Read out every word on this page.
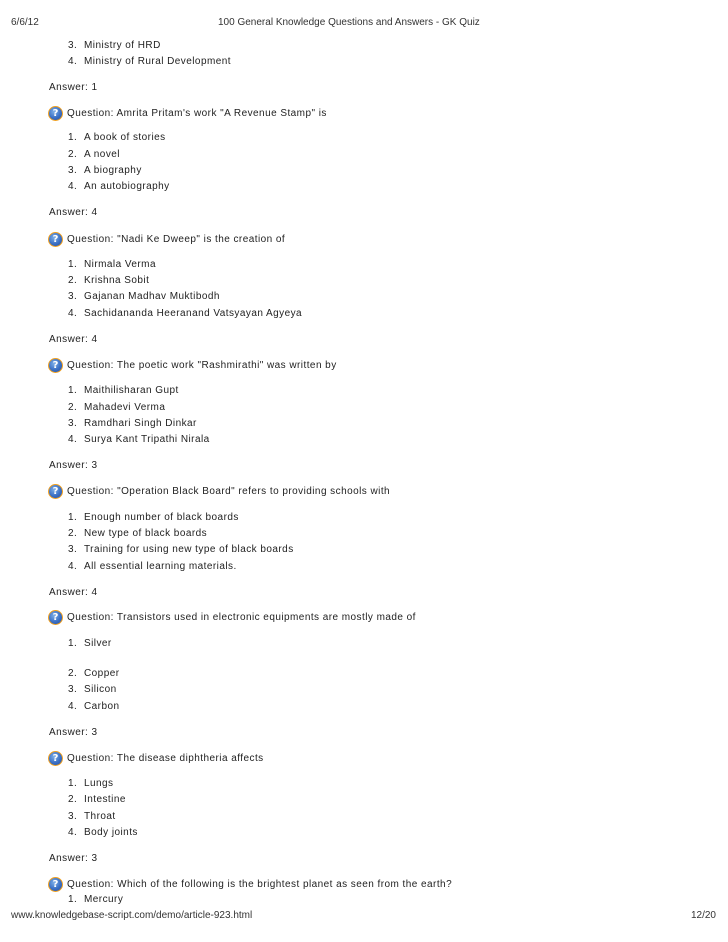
6/6/12	100 General Knowledge Questions and Answers - GK Quiz
3. Ministry of HRD
4. Ministry of Rural Development
Answer: 1
? Question: Amrita Pritam's work "A Revenue Stamp" is
1. A book of stories
2. A novel
3. A biography
4. An autobiography
Answer: 4
? Question: "Nadi Ke Dweep" is the creation of
1. Nirmala Verma
2. Krishna Sobit
3. Gajanan Madhav Muktibodh
4. Sachidananda Heeranand Vatsyayan Agyeya
Answer: 4
? Question: The poetic work "Rashmirathi" was written by
1. Maithilisharan Gupt
2. Mahadevi Verma
3. Ramdhari Singh Dinkar
4. Surya Kant Tripathi Nirala
Answer: 3
? Question: "Operation Black Board" refers to providing schools with
1. Enough number of black boards
2. New type of black boards
3. Training for using new type of black boards
4. All essential learning materials.
Answer: 4
? Question: Transistors used in electronic equipments are mostly made of
1. Silver
2. Copper
3. Silicon
4. Carbon
Answer: 3
? Question: The disease diphtheria affects
1. Lungs
2. Intestine
3. Throat
4. Body joints
Answer: 3
? Question: Which of the following is the brightest planet as seen from the earth?
1. Mercury
www.knowledgebase-script.com/demo/article-923.html	12/20
